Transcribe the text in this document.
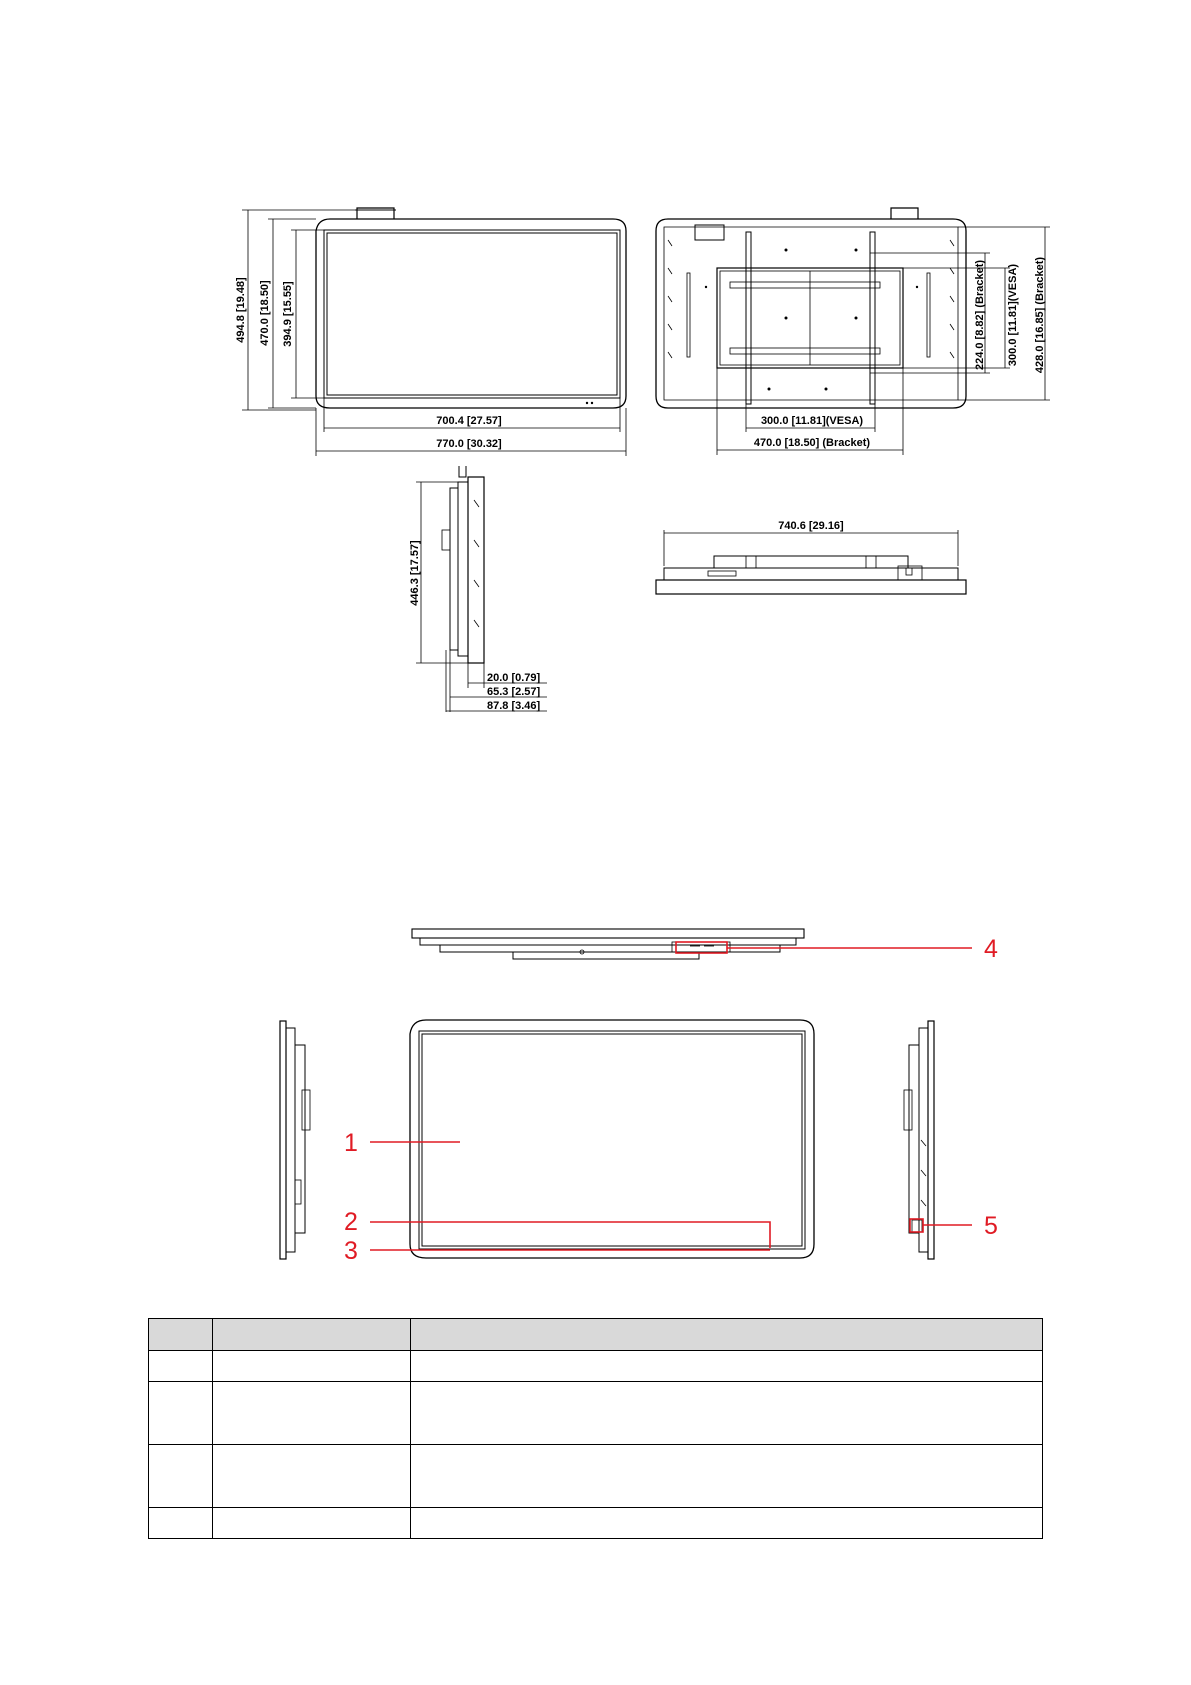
494.8 [19.48] 470.0 [18.50] 394.9 [15.55]
700.4 [27.57]
770.0 [30.32]
224.0 [8.82] (Bracket) 300.0 [11.81](VESA) 428.0 [16.85] (Bracket)
300.0 [11.81](VESA)
470.0 [18.50] (Bracket)
446.3 [17.57]
20.0 [0.79]
65.3 [2.57]
87.8 [3.46]
740.6 [29.16]
1
2
3
4
5
